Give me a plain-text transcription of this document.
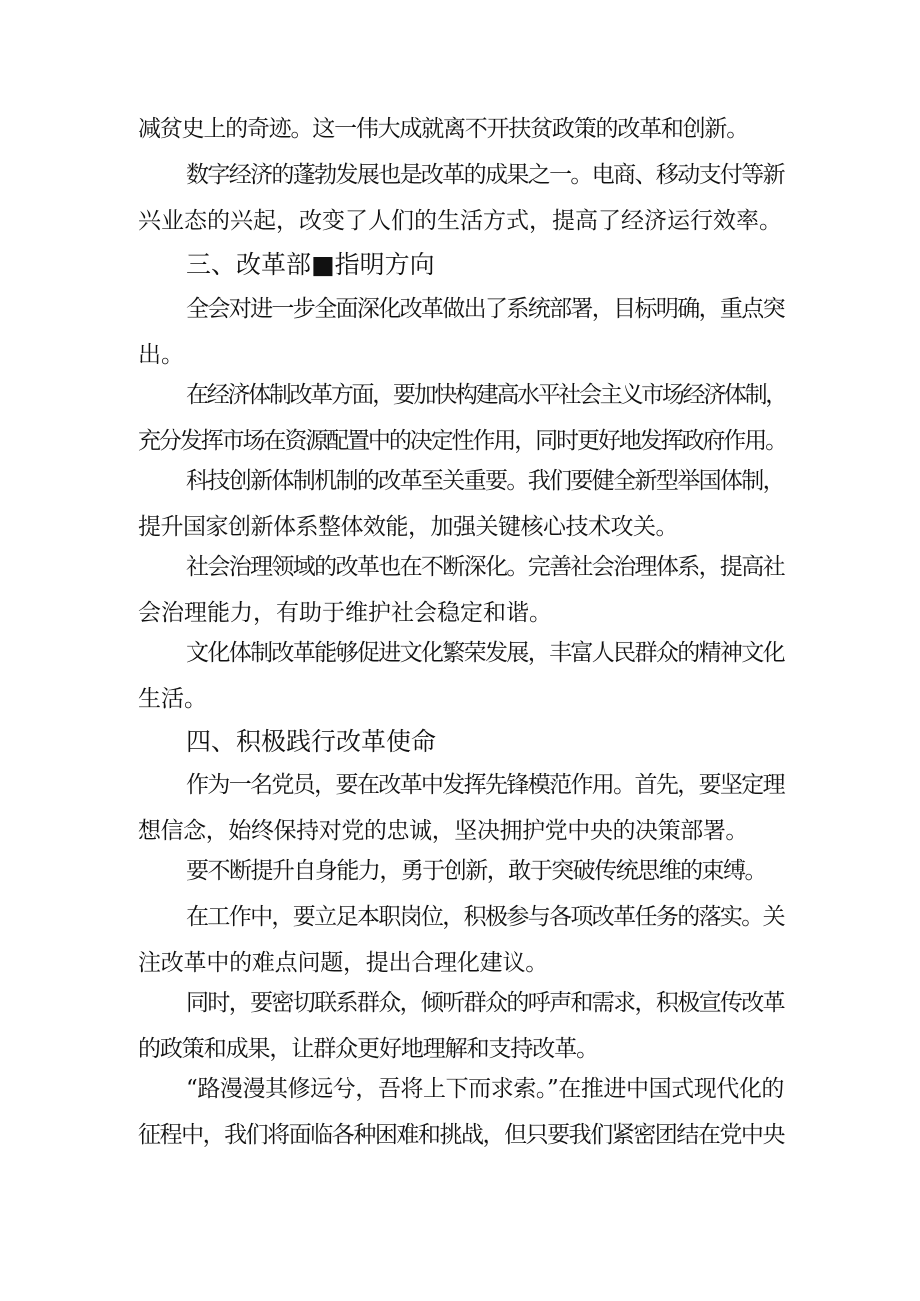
减贫史上的奇迹。这一伟大成就离不开扶贫政策的改革和创新。
数字经济的蓬勃发展也是改革的成果之一。电商、移动支付等新
兴业态的兴起，改变了人们的生活方式，提高了经济运行效率。
三、改革部■指明方向
全会对进一步全面深化改革做出了系统部署，目标明确，重点突
出。
在经济体制改革方面，要加快构建高水平社会主义市场经济体制，
充分发挥市场在资源配置中的决定性作用，同时更好地发挥政府作用。
科技创新体制机制的改革至关重要。我们要健全新型举国体制，
提升国家创新体系整体效能，加强关键核心技术攻关。
社会治理领域的改革也在不断深化。完善社会治理体系，提高社
会治理能力，有助于维护社会稳定和谐。
文化体制改革能够促进文化繁荣发展，丰富人民群众的精神文化
生活。
四、积极践行改革使命
作为一名党员，要在改革中发挥先锋模范作用。首先，要坚定理
想信念，始终保持对党的忠诚，坚决拥护党中央的决策部署。
要不断提升自身能力，勇于创新，敢于突破传统思维的束缚。
在工作中，要立足本职岗位，积极参与各项改革任务的落实。关
注改革中的难点问题，提出合理化建议。
同时，要密切联系群众，倾听群众的呼声和需求，积极宣传改革
的政策和成果，让群众更好地理解和支持改革。
“路漫漫其修远兮，吾将上下而求索。”在推进中国式现代化的
征程中，我们将面临各种困难和挑战，但只要我们紧密团结在党中央
